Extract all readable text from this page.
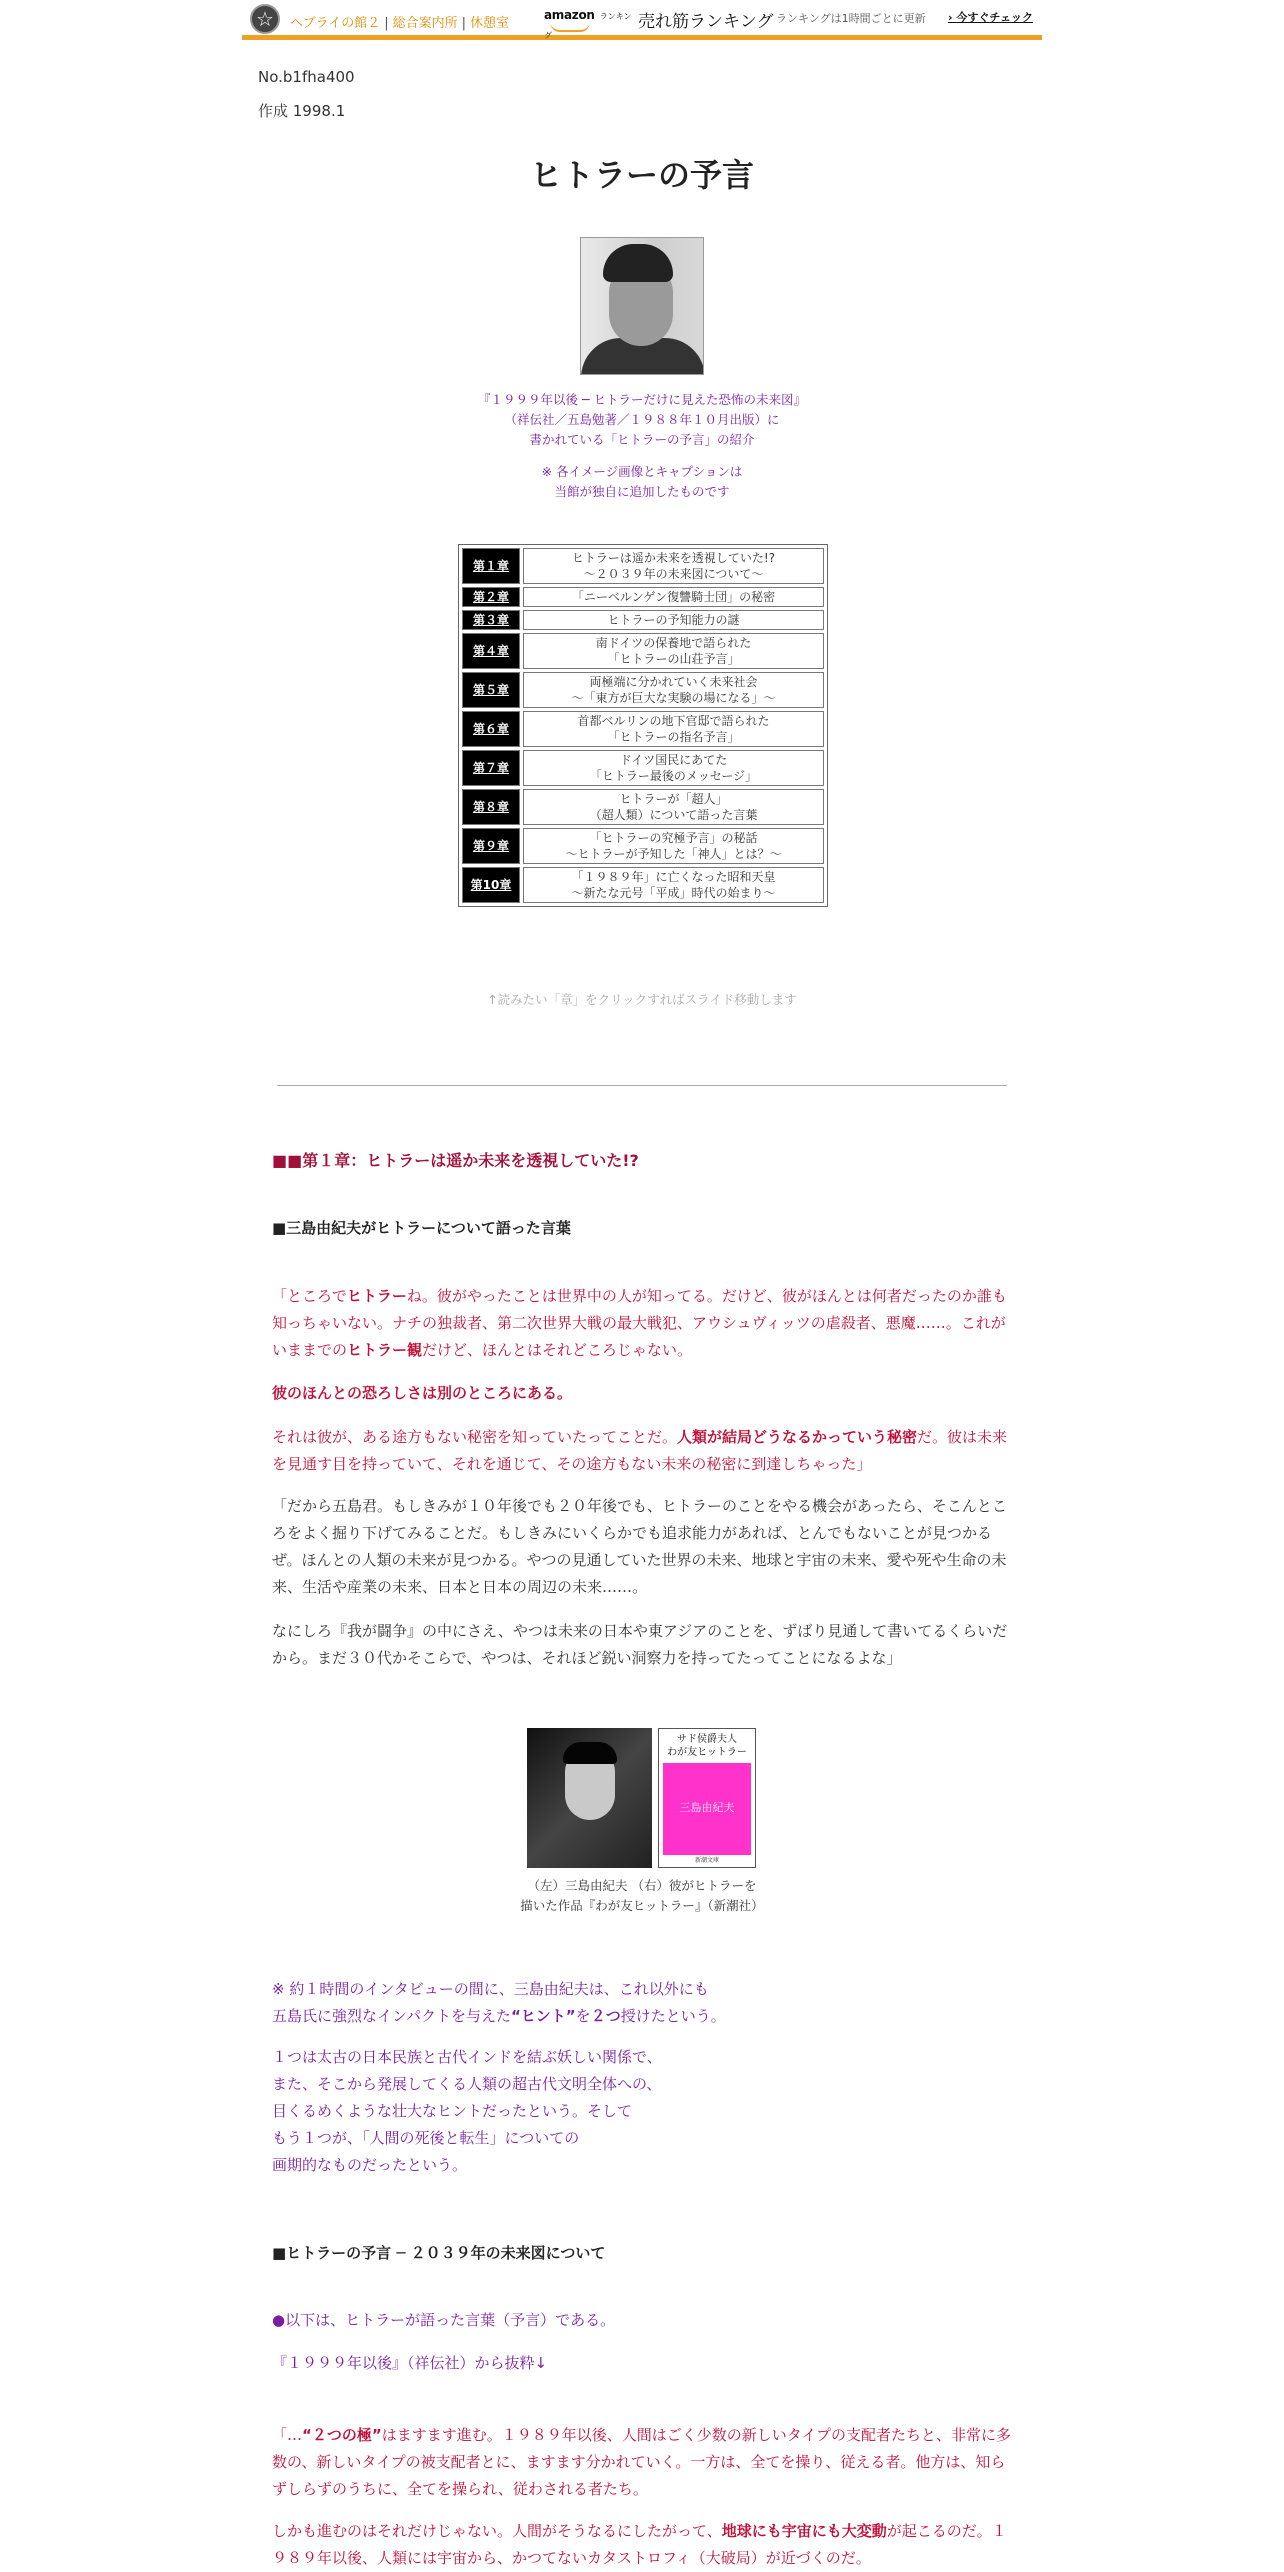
☆	ヘブライの館２ | 総合案内所 | 休憩室
amazon ランキング
売れ筋ランキング ランキングは1時間ごとに更新 › 今すぐチェック
No.b1fha400
作成 1998.1
ヒトラーの予言
『１９９９年以後 ─ ヒトラーだけに見えた恐怖の未来図』
（祥伝社／五島勉著／１９８８年１０月出版）に
書かれている「ヒトラーの予言」の紹介
※ 各イメージ画像とキャプションは
当館が独自に追加したものです
第１章	ヒトラーは遥か未来を透視していた!?
～２０３９年の未来図について～

第２章	「ニーベルンゲン復讐騎士団」の秘密

第３章	ヒトラーの予知能力の謎

第４章	南ドイツの保養地で語られた
「ヒトラーの山荘予言」

第５章	両極端に分かれていく未来社会
～「東方が巨大な実験の場になる」～

第６章	首都ベルリンの地下官邸で語られた
「ヒトラーの指名予言」

第７章	ドイツ国民にあてた
「ヒトラー最後のメッセージ」

第８章	ヒトラーが「超人」
（超人類）について語った言葉

第９章	「ヒトラーの究極予言」の秘話
～ヒトラーが予知した「神人」とは？～

第10章	「１９８９年」に亡くなった昭和天皇
～新たな元号「平成」時代の始まり～
↑読みたい「章」をクリックすればスライド移動します
■■第１章：ヒトラーは遥か未来を透視していた!?
■三島由紀夫がヒトラーについて語った言葉
「ところでヒトラーね。彼がやったことは世界中の人が知ってる。だけど、彼がほんとは何者だったのか誰も知っちゃいない。ナチの独裁者、第二次世界大戦の最大戦犯、アウシュヴィッツの虐殺者、悪魔……。これがいままでのヒトラー観だけど、ほんとはそれどころじゃない。
彼のほんとの恐ろしさは別のところにある。
それは彼が、ある途方もない秘密を知っていたってことだ。人類が結局どうなるかっていう秘密だ。彼は未来を見通す目を持っていて、それを通じて、その途方もない未来の秘密に到達しちゃった」
「だから五島君。もしきみが１０年後でも２０年後でも、ヒトラーのことをやる機会があったら、そこんところをよく掘り下げてみることだ。もしきみにいくらかでも追求能力があれば、とんでもないことが見つかるぜ。ほんとの人類の未来が見つかる。やつの見通していた世界の未来、地球と宇宙の未来、愛や死や生命の未来、生活や産業の未来、日本と日本の周辺の未来……。
なにしろ『我が闘争』の中にさえ、やつは未来の日本や東アジアのことを、ずばり見通して書いてるくらいだから。まだ３０代かそこらで、やつは、それほど鋭い洞察力を持ってたってことになるよな」
サド侯爵夫人
わが友ヒットラー
三島由紀夫
新潮文庫
（左）三島由紀夫 （右）彼がヒトラーを
描いた作品『わが友ヒットラー』（新潮社）
※ 約１時間のインタビューの間に、三島由紀夫は、これ以外にも
五島氏に強烈なインパクトを与えた“ヒント”を２つ授けたという。
１つは太古の日本民族と古代インドを結ぶ妖しい関係で、
また、そこから発展してくる人類の超古代文明全体への、
目くるめくような壮大なヒントだったという。そして
もう１つが、「人間の死後と転生」についての
画期的なものだったという。
■ヒトラーの予言 ─ ２０３９年の未来図について
●以下は、ヒトラーが語った言葉（予言）である。
『１９９９年以後』（祥伝社）から抜粋↓
「…“２つの極”はますます進む。１９８９年以後、人間はごく少数の新しいタイプの支配者たちと、非常に多数の、新しいタイプの被支配者とに、ますます分かれていく。一方は、全てを操り、従える者。他方は、知らずしらずのうちに、全てを操られ、従わされる者たち。
しかも進むのはそれだけじゃない。人間がそうなるにしたがって、地球にも宇宙にも大変動が起こるのだ。１９８９年以後、人類には宇宙から、かつてないカタストロフィ（大破局）が近づくのだ。
